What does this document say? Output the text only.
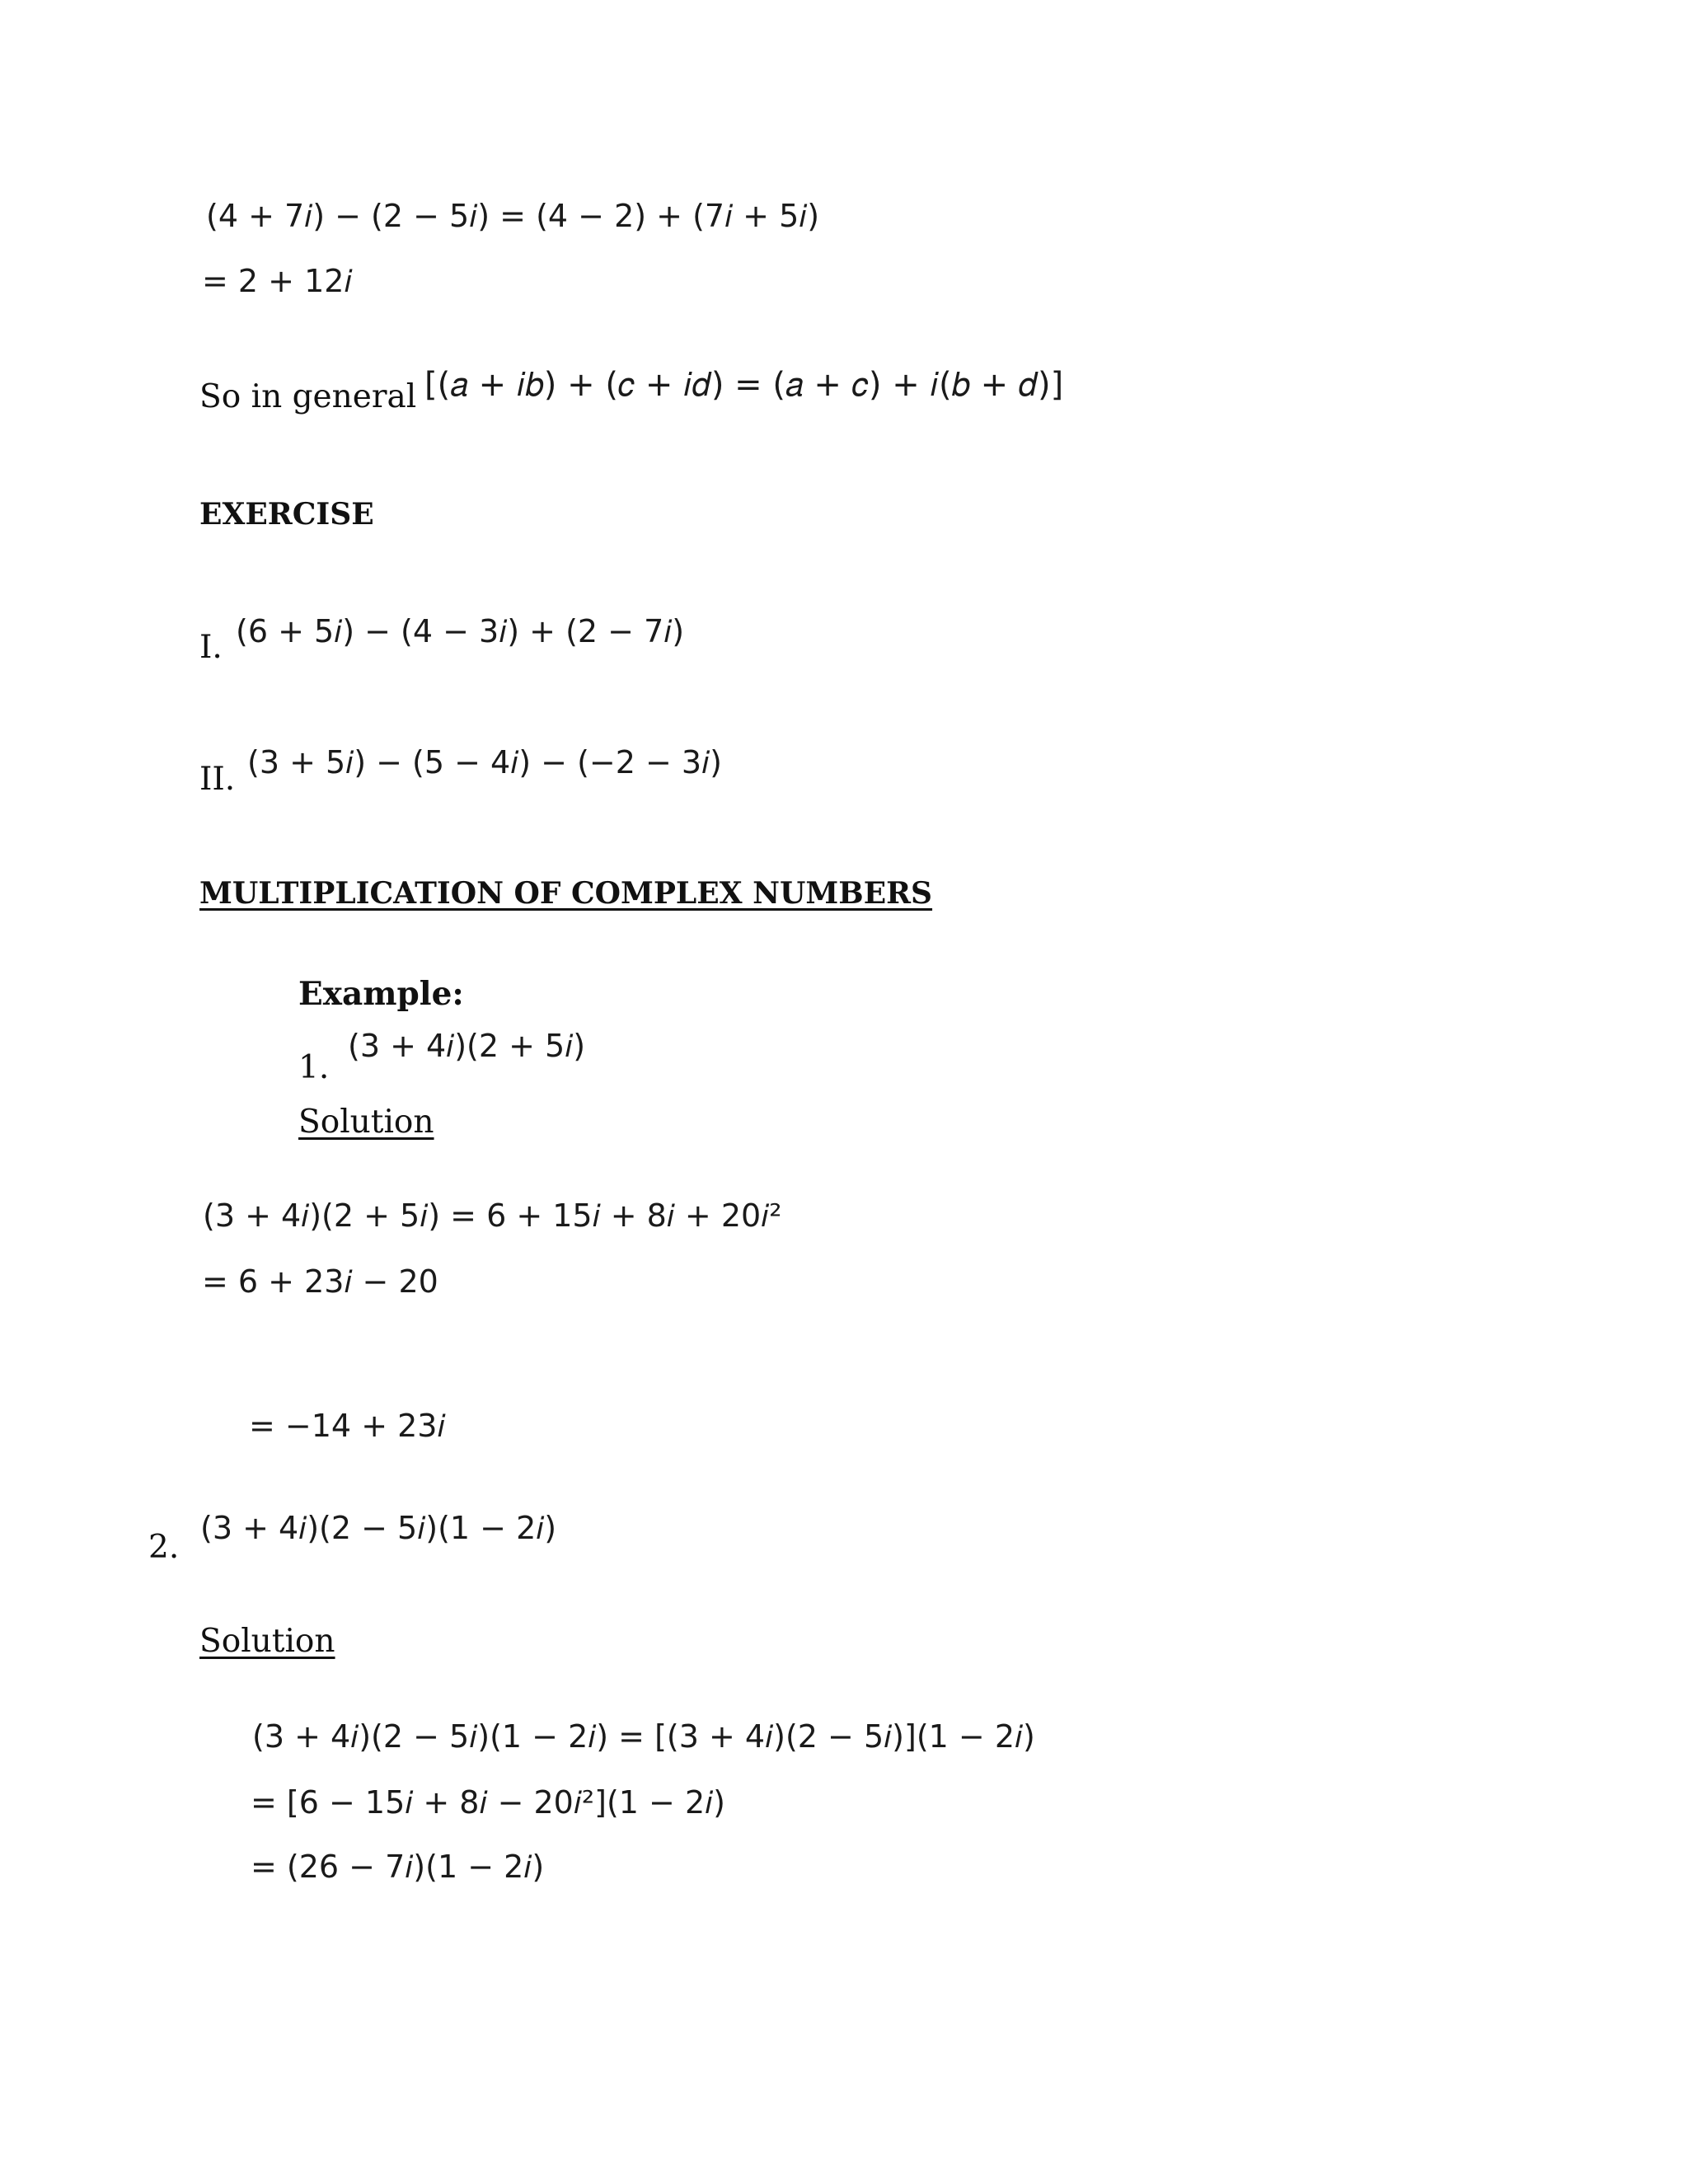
(4 + 7𝑖) − (2 − 5𝑖) = (4 − 2) + (7𝑖 + 5𝑖)
= 2 + 12𝑖
So in general [(𝑎 + 𝑖𝑏) + (𝑐 + 𝑖𝑑) = (𝑎 + 𝑐) + 𝑖(𝑏 + 𝑑)]
EXERCISE
I. (6 + 5𝑖) − (4 − 3𝑖) + (2 − 7𝑖)
II. (3 + 5𝑖) − (5 − 4𝑖) − (−2 − 3𝑖)
MULTIPLICATION OF COMPLEX NUMBERS
Example:
1.
(3 + 4𝑖)(2 + 5𝑖)
Solution
(3 + 4𝑖)(2 + 5𝑖) = 6 + 15𝑖 + 8𝑖 + 20𝑖²
= 6 + 23𝑖 − 20
= −14 + 23𝑖
2.
(3 + 4𝑖)(2 − 5𝑖)(1 − 2𝑖)
Solution
(3 + 4𝑖)(2 − 5𝑖)(1 − 2𝑖) = [(3 + 4𝑖)(2 − 5𝑖)](1 − 2𝑖)
= [6 − 15𝑖 + 8𝑖 − 20𝑖²](1 − 2𝑖)
= (26 − 7𝑖)(1 − 2𝑖)
